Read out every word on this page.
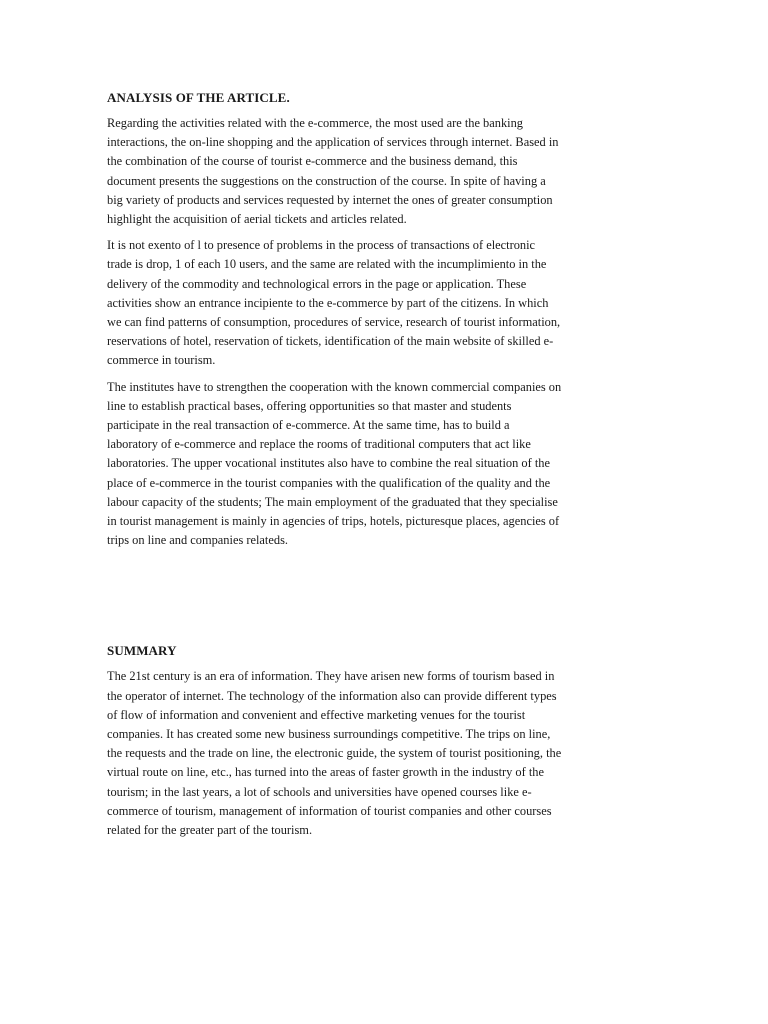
ANALYSIS OF THE ARTICLE.

Regarding the activities related with the e-commerce, the most used are the banking
interactions, the on-line shopping and the application of services through internet. Based in
the combination of the course of tourist e-commerce and the business demand, this
document presents the suggestions on the construction of the course. In spite of having a
big variety of products and services requested by internet the ones of greater consumption
highlight the acquisition of aerial tickets and articles related.

It is not exento of l to presence of problems in the process of transactions of electronic
trade is drop, 1 of each 10 users, and the same are related with the incumplimiento in the
delivery of the commodity and technological errors in the page or application. These
activities show an entrance incipiente to the e-commerce by part of the citizens. In which
we can find patterns of consumption, procedures of service, research of tourist information,
reservations of hotel, reservation of tickets, identification of the main website of skilled e-
commerce in tourism.

The institutes have to strengthen the cooperation with the known commercial companies on
line to establish practical bases, offering opportunities so that master and students
participate in the real transaction of e-commerce. At the same time, has to build a
laboratory of e-commerce and replace the rooms of traditional computers that act like
laboratories. The upper vocational institutes also have to combine the real situation of the
place of e-commerce in the tourist companies with the qualification of the quality and the
labour capacity of the students; The main employment of the graduated that they specialise
in tourist management is mainly in agencies of trips, hotels, picturesque places, agencies of
trips on line and companies relateds.

SUMMARY

The 21st century is an era of information. They have arisen new forms of tourism based in
the operator of internet. The technology of the information also can provide different types
of flow of information and convenient and effective marketing venues for the tourist
companies. It has created some new business surroundings competitive. The trips on line,
the requests and the trade on line, the electronic guide, the system of tourist positioning, the
virtual route on line, etc., has turned into the areas of faster growth in the industry of the
tourism; in the last years, a lot of schools and universities have opened courses like e-
commerce of tourism, management of information of tourist companies and other courses
related for the greater part of the tourism.
